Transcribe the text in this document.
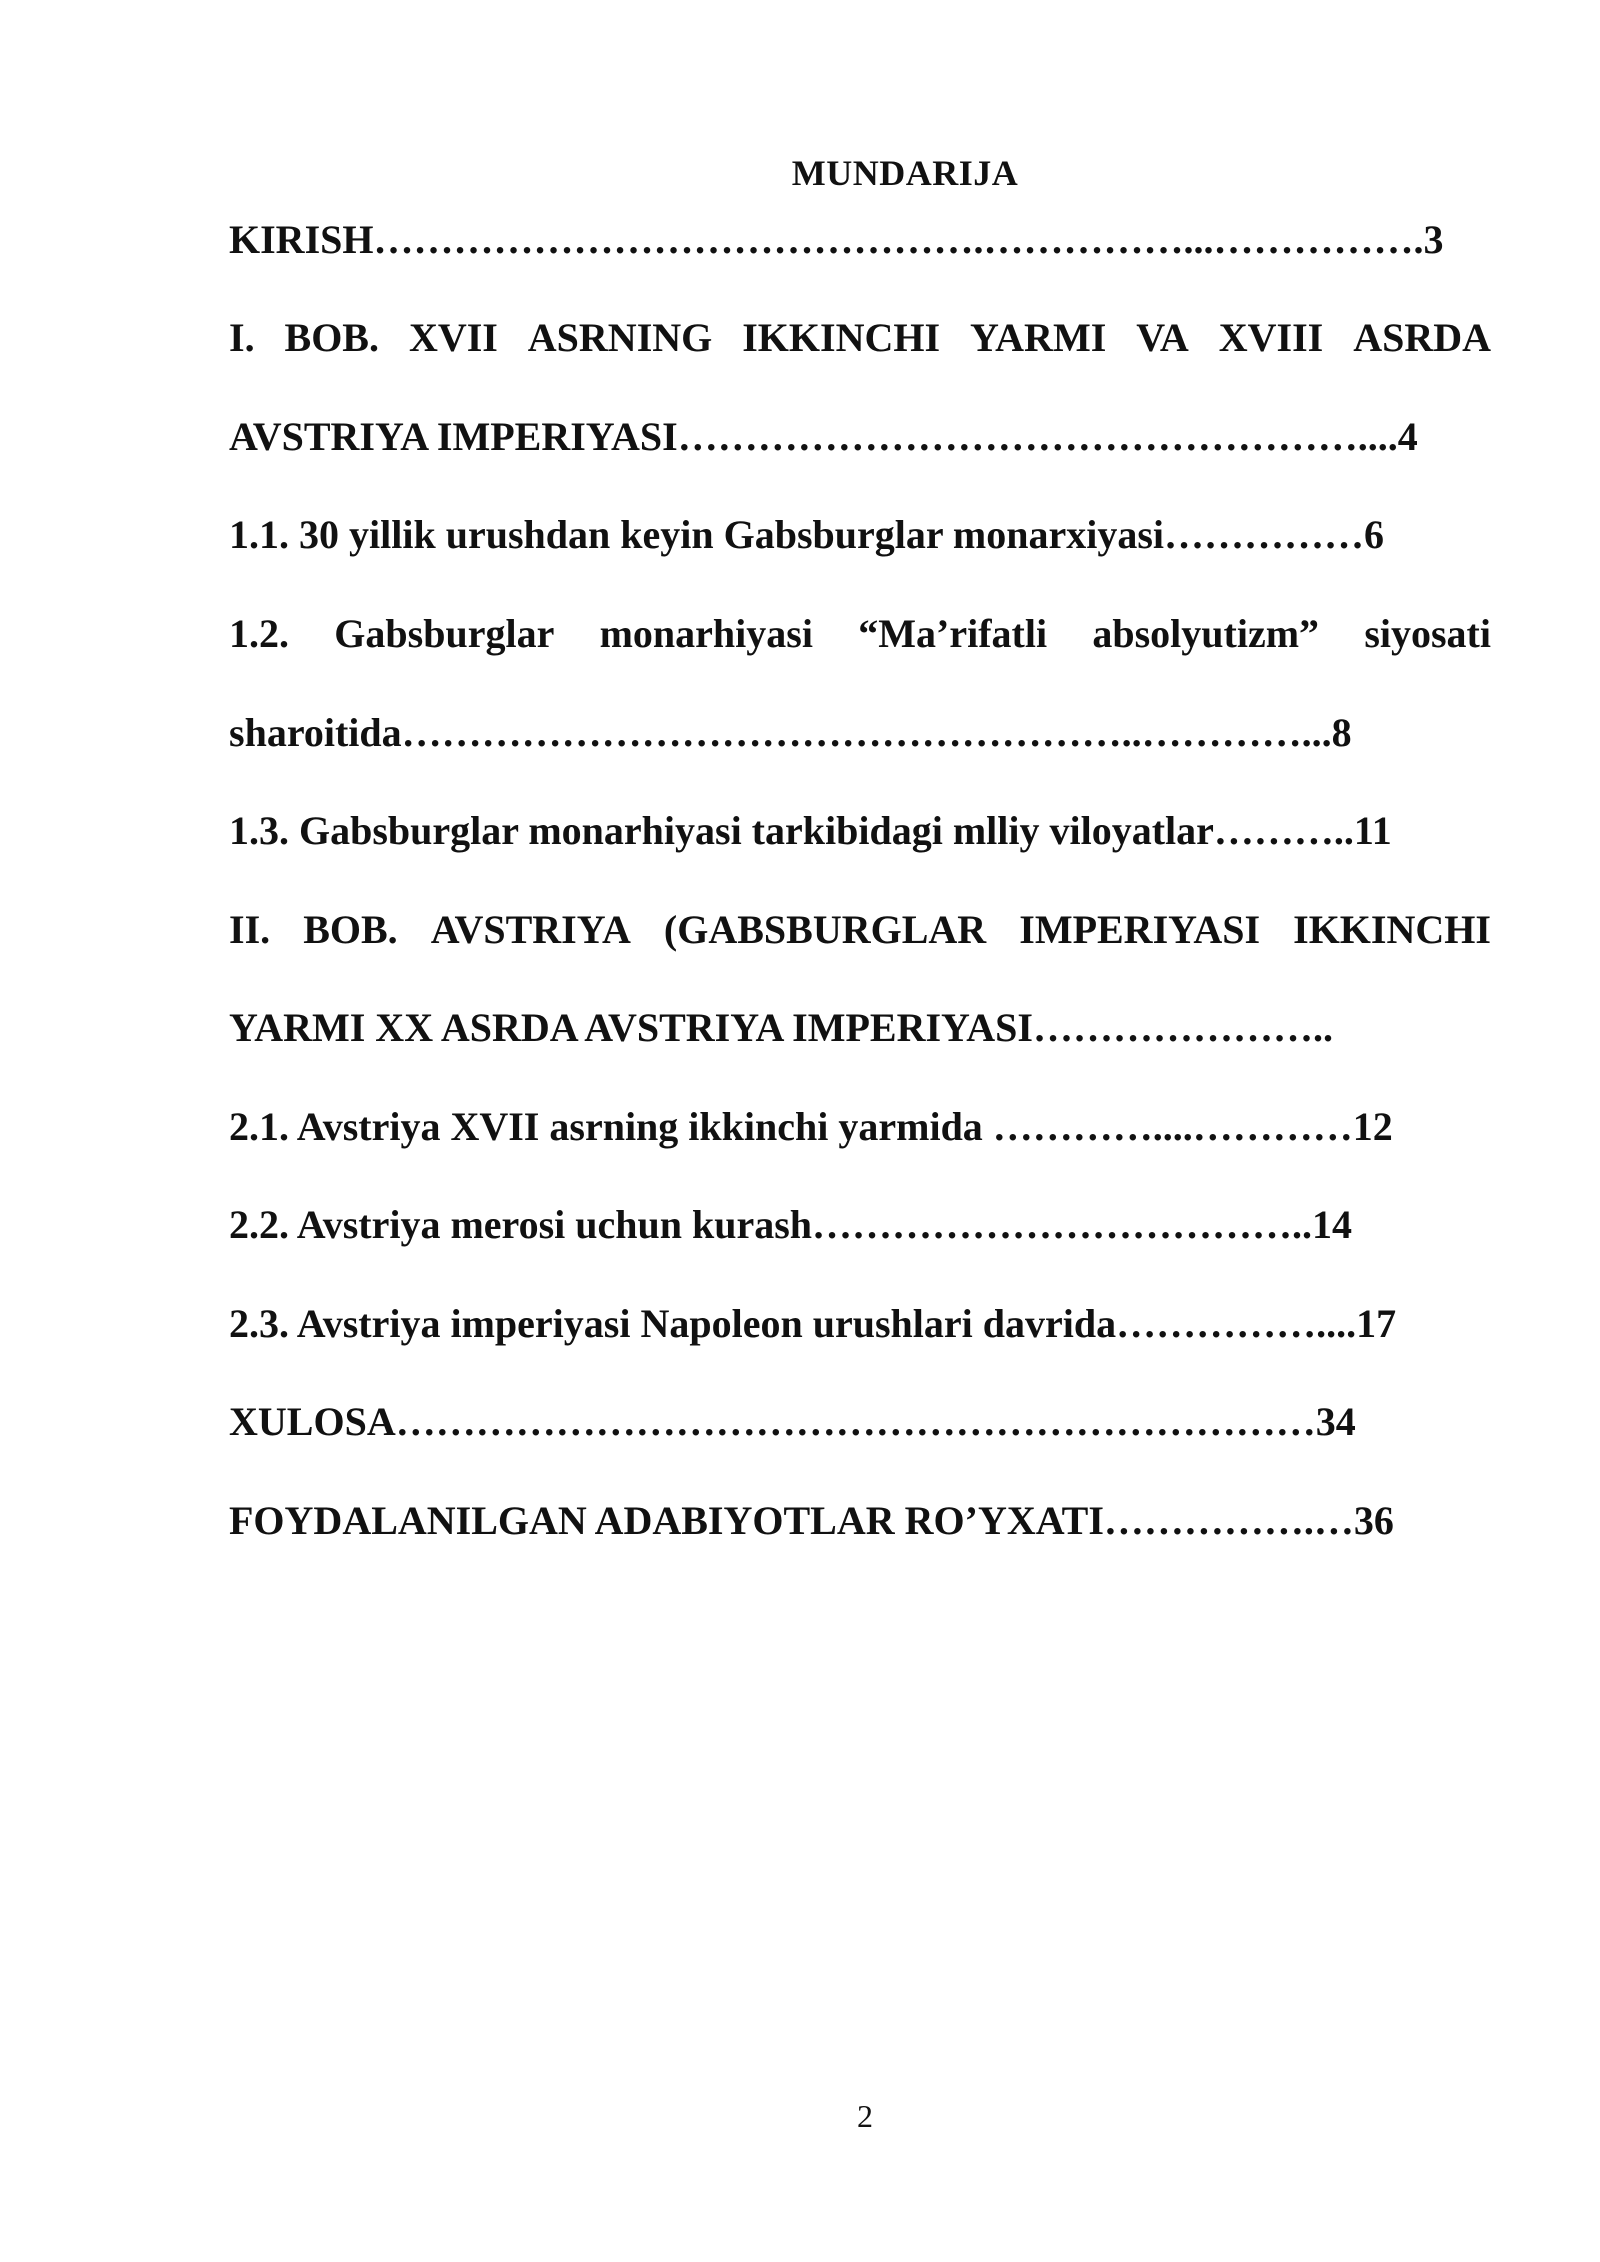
MUNDARIJA
KIRISH……………………………………….……………...…………….3
I. BOB. XVII ASRNING IKKINCHI YARMI VA XVIII ASRDA
AVSTRIYA IMPERIYASI……………………………………………....4
1.1. 30 yillik urushdan keyin Gabsburglar monarxiyasi……………6
1.2. Gabsburglar monarhiyasi “Ma’rifatli absolyutizm” siyosati
sharoitida………………………………………………..…………...8
1.3. Gabsburglar monarhiyasi tarkibidagi mlliy viloyatlar………..11
II. BOB. AVSTRIYA (GABSBURGLAR IMPERIYASI IKKINCHI
YARMI XX ASRDA AVSTRIYA IMPERIYASI…………………..
2.1. Avstriya XVII asrning ikkinchi yarmida …………....…………12
2.2. Avstriya merosi uchun kurash………………………………..14
2.3. Avstriya imperiyasi Napoleon urushlari davrida……………....17
XULOSA……………………………………………………………34
FOYDALANILGAN ADABIYOTLAR RO’YXATI…………….…36
2
